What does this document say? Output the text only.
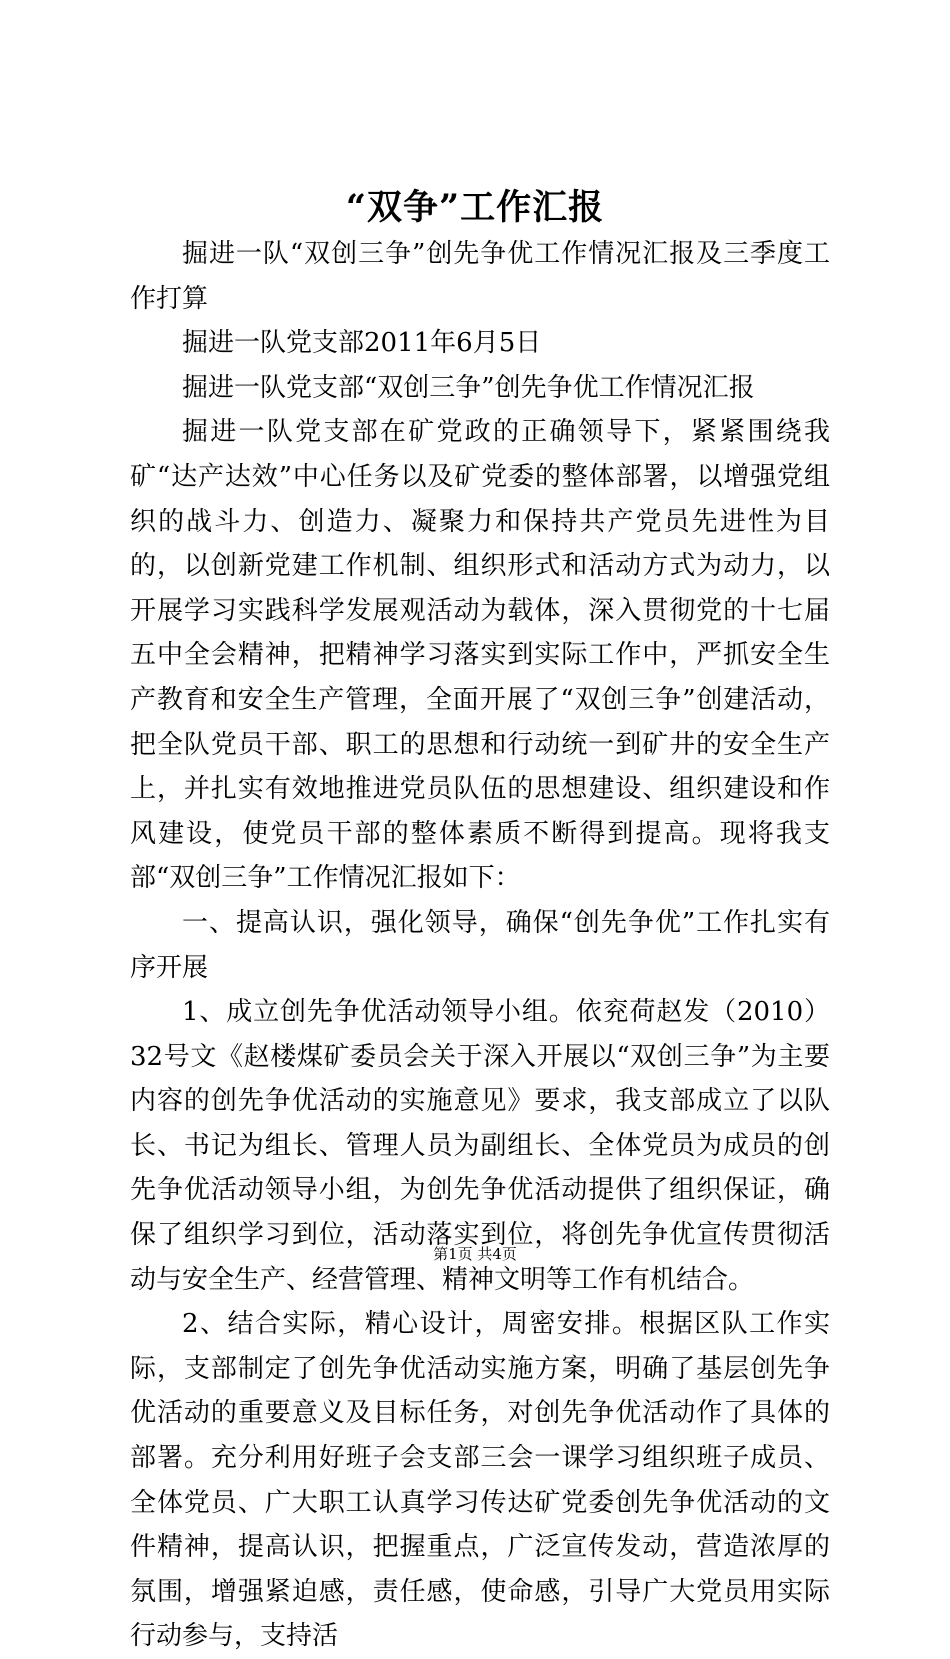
“双争”工作汇报

掘进一队“双创三争”创先争优工作情况汇报及三季度工作打算

掘进一队党支部2011年6月5日

掘进一队党支部“双创三争”创先争优工作情况汇报

掘进一队党支部在矿党政的正确领导下，紧紧围绕我矿“达产达效”中心任务以及矿党委的整体部署，以增强党组织的战斗力、创造力、凝聚力和保持共产党员先进性为目的，以创新党建工作机制、组织形式和活动方式为动力，以开展学习实践科学发展观活动为载体，深入贯彻党的十七届五中全会精神，把精神学习落实到实际工作中，严抓安全生产教育和安全生产管理，全面开展了“双创三争”创建活动，把全队党员干部、职工的思想和行动统一到矿井的安全生产上，并扎实有效地推进党员队伍的思想建设、组织建设和作风建设，使党员干部的整体素质不断得到提高。现将我支部“双创三争”工作情况汇报如下：

一、提高认识，强化领导，确保“创先争优”工作扎实有序开展

1、成立创先争优活动领导小组。依兖荷赵发（2010）32号文《赵楼煤矿委员会关于深入开展以“双创三争”为主要内容的创先争优活动的实施意见》要求，我支部成立了以队长、书记为组长、管理人员为副组长、全体党员为成员的创先争优活动领导小组，为创先争优活动提供了组织保证，确保了组织学习到位，活动落实到位，将创先争优宣传贯彻活动与安全生产、经营管理、精神文明等工作有机结合。

2、结合实际，精心设计，周密安排。根据区队工作实际，支部制定了创先争优活动实施方案，明确了基层创先争优活动的重要意义及目标任务，对创先争优活动作了具体的部署。充分利用好班子会支部三会一课学习组织班子成员、全体党员、广大职工认真学习传达矿党委创先争优活动的文件精神，提高认识，把握重点，广泛宣传发动，营造浓厚的氛围，增强紧迫感，责任感，使命感，引导广大党员用实际行动参与，支持活

第1页 共4页
